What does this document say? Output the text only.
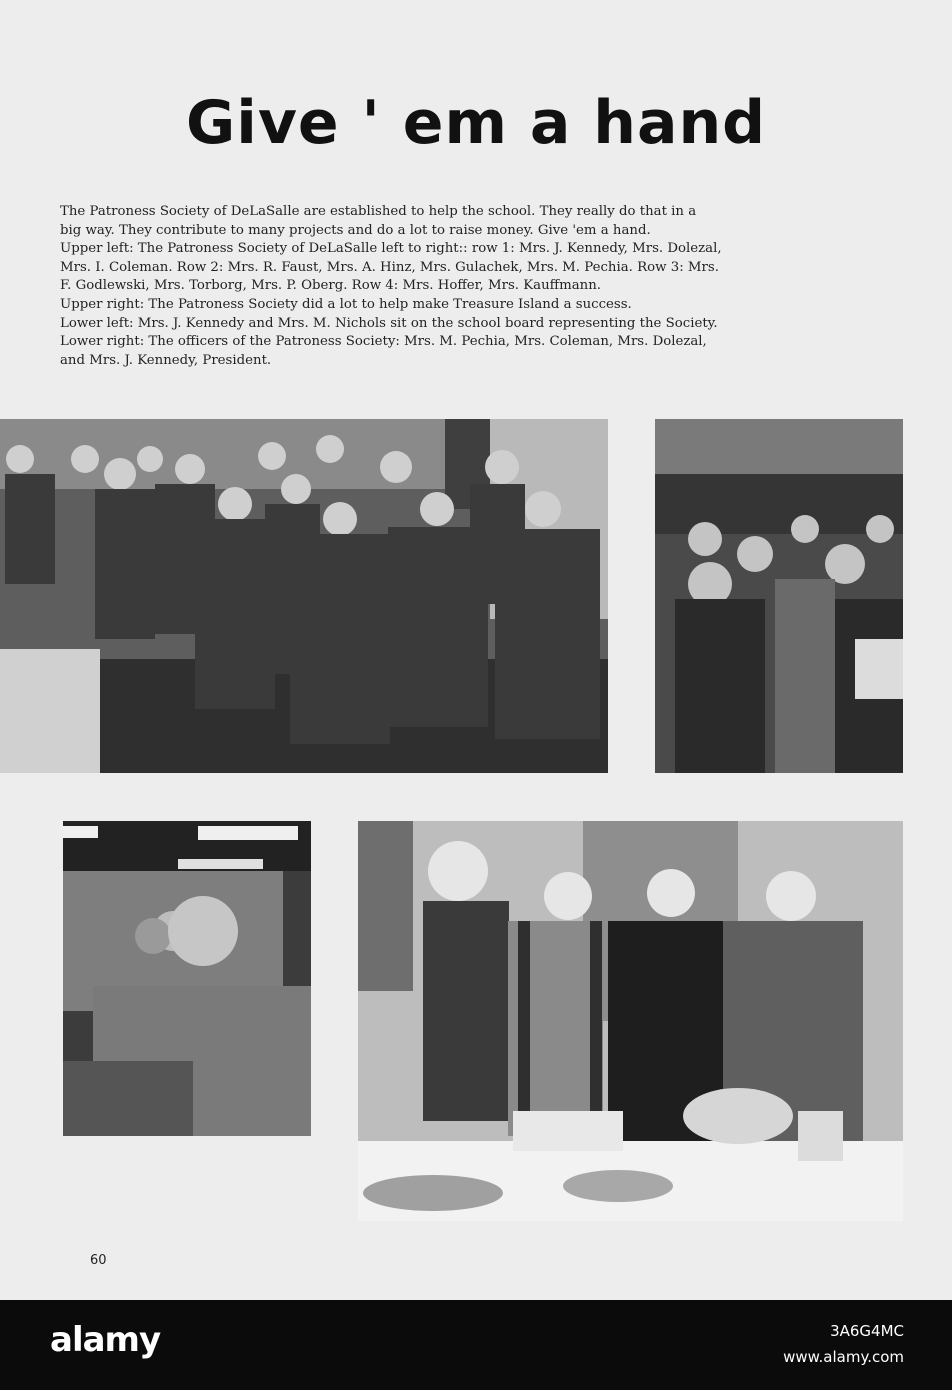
Give ' em a hand

The Patroness Society of DeLaSalle are established to help the school. They really do that in a

big way. They contribute to many projects and do a lot to raise money. Give 'em a hand.

Upper left: The Patroness Society of DeLaSalle left to right:: row 1: Mrs. J. Kennedy, Mrs. Dolezal,

Mrs. I. Coleman. Row 2: Mrs. R. Faust, Mrs. A. Hinz, Mrs. Gulachek, Mrs. M. Pechia. Row 3: Mrs.

F. Godlewski, Mrs. Torborg, Mrs. P. Oberg. Row 4: Mrs. Hoffer, Mrs. Kauffmann.

Upper right: The Patroness Society did a lot to help make Treasure Island a success.

Lower left: Mrs. J. Kennedy and Mrs. M. Nichols sit on the school board representing the Society.

Lower right: The officers of the Patroness Society: Mrs. M. Pechia, Mrs. Coleman, Mrs. Dolezal,

and Mrs. J. Kennedy, President.

60
alamy	3A6G4MC
www.alamy.com
